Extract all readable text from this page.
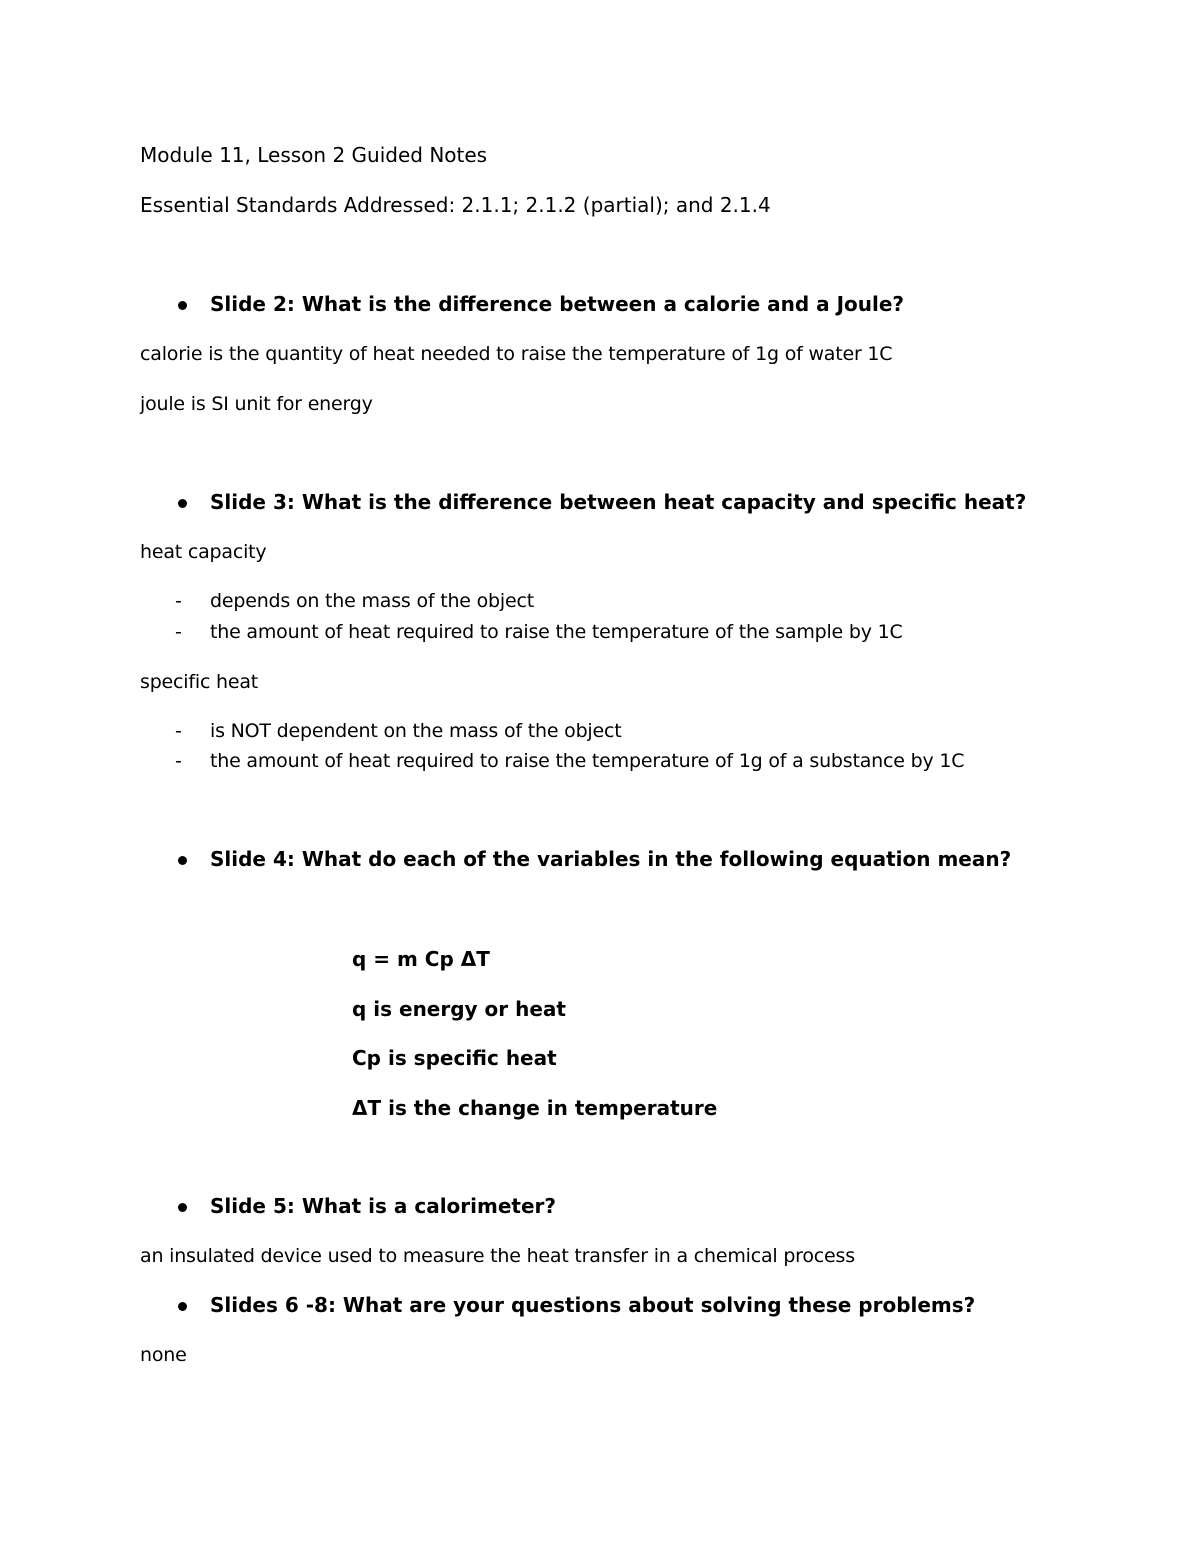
Module 11, Lesson 2 Guided Notes
Essential Standards Addressed: 2.1.1; 2.1.2 (partial); and 2.1.4
Slide 2: What is the difference between a calorie and a Joule?
calorie is the quantity of heat needed to raise the temperature of 1g of water 1C
joule is SI unit for energy
Slide 3: What is the difference between heat capacity and specific heat?
heat capacity
- depends on the mass of the object
- the amount of heat required to raise the temperature of the sample by 1C
specific heat
- is NOT dependent on the mass of the object
- the amount of heat required to raise the temperature of 1g of a substance by 1C
Slide 4: What do each of the variables in the following equation mean?
q = m Cp ΔT
q is energy or heat
Cp is specific heat
ΔT is the change in temperature
Slide 5: What is a calorimeter?
an insulated device used to measure the heat transfer in a chemical process
Slides 6 -8: What are your questions about solving these problems?
none
